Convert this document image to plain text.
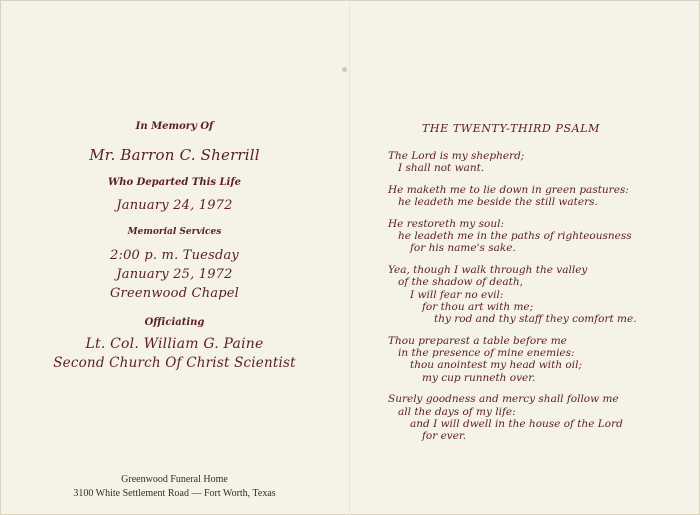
In Memory Of
Mr. Barron C. Sherrill
Who Departed This Life
January 24, 1972
Memorial Services
2:00 p. m. Tuesday
January 25, 1972
Greenwood Chapel
Officiating
Lt. Col. William G. Paine
Second Church Of Christ Scientist
Greenwood Funeral Home
3100 White Settlement Road — Fort Worth, Texas
THE TWENTY-THIRD PSALM
The Lord is my shepherd;
I shall not want.
He maketh me to lie down in green pastures:
he leadeth me beside the still waters.
He restoreth my soul:
he leadeth me in the paths of righteousness
for his name's sake.
Yea, though I walk through the valley
of the shadow of death,
I will fear no evil:
for thou art with me;
thy rod and thy staff they comfort me.
Thou preparest a table before me
in the presence of mine enemies:
thou anointest my head with oil;
my cup runneth over.
Surely goodness and mercy shall follow me
all the days of my life:
and I will dwell in the house of the Lord
for ever.
